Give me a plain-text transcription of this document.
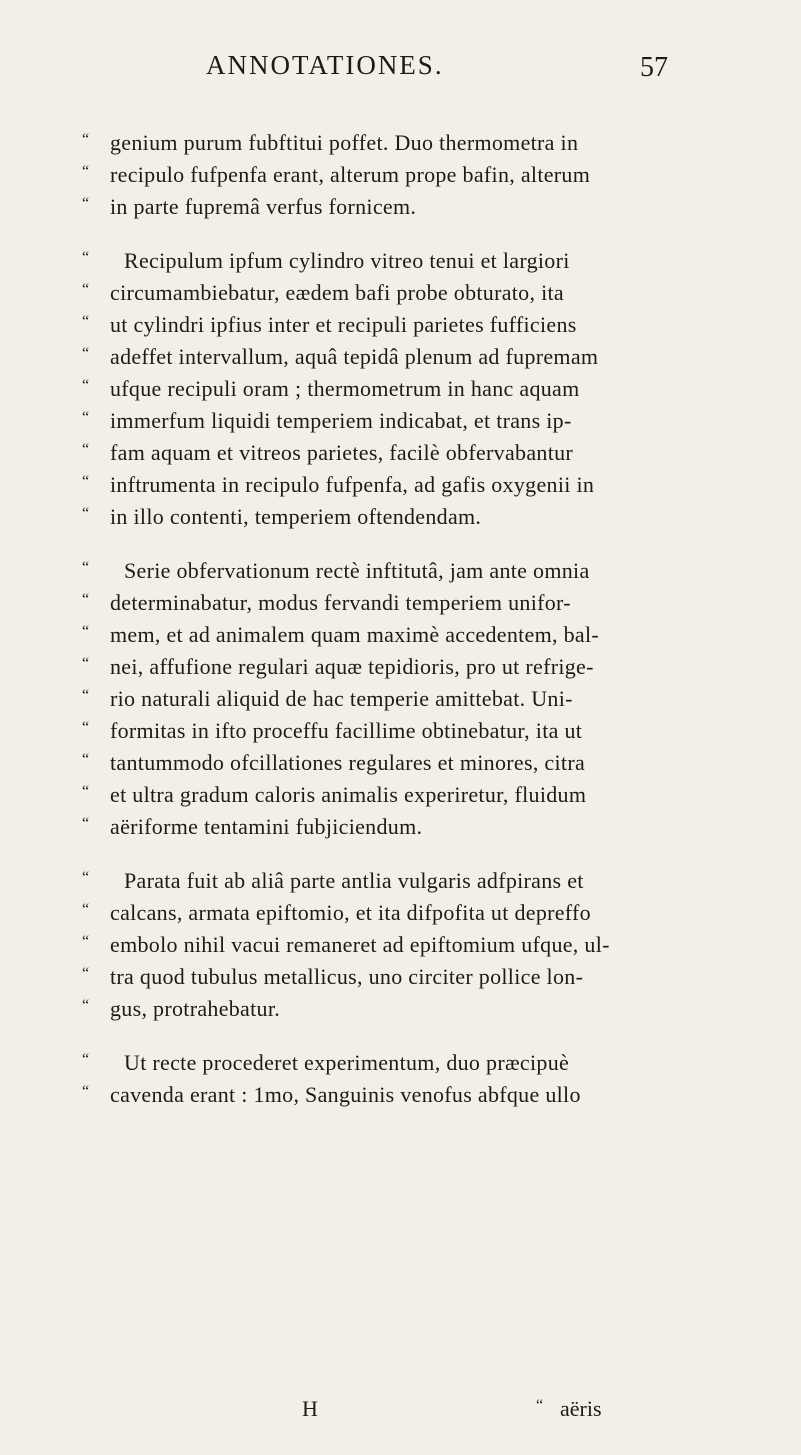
ANNOTATIONES.	57
“ genium purum fubftitui poffet. Duo thermometra in
“ recipulo fufpenfa erant, alterum prope bafin, alterum
“ in parte fupremâ verfus fornicem.
“ Recipulum ipfum cylindro vitreo tenui et largiori
“ circumambiebatur, eædem bafi probe obturato, ita
“ ut cylindri ipfius inter et recipuli parietes fufficiens
“ adeffet intervallum, aquâ tepidâ plenum ad fupremam
“ ufque recipuli oram ; thermometrum in hanc aquam
“ immerfum liquidi temperiem indicabat, et trans ip-
“ fam aquam et vitreos parietes, facilè obfervabantur
“ inftrumenta in recipulo fufpenfa, ad gafis oxygenii in
“ in illo contenti, temperiem oftendendam.
“ Serie obfervationum rectè inftitutâ, jam ante omnia
“ determinabatur, modus fervandi temperiem unifor-
“ mem, et ad animalem quam maximè accedentem, bal-
“ nei, affufione regulari aquæ tepidioris, pro ut refrige-
“ rio naturali aliquid de hac temperie amittebat. Uni-
“ formitas in ifto proceffu facillime obtinebatur, ita ut
“ tantummodo ofcillationes regulares et minores, citra
“ et ultra gradum caloris animalis experiretur, fluidum
“ aëriforme tentamini fubjiciendum.
“ Parata fuit ab aliâ parte antlia vulgaris adfpirans et
“ calcans, armata epiftomio, et ita difpofita ut depreffo
“ embolo nihil vacui remaneret ad epiftomium ufque, ul-
“ tra quod tubulus metallicus, uno circiter pollice lon-
“ gus, protrahebatur.
“ Ut recte procederet experimentum, duo præcipuè
“ cavenda erant : 1mo, Sanguinis venofus abfque ullo
H	“ aëris
